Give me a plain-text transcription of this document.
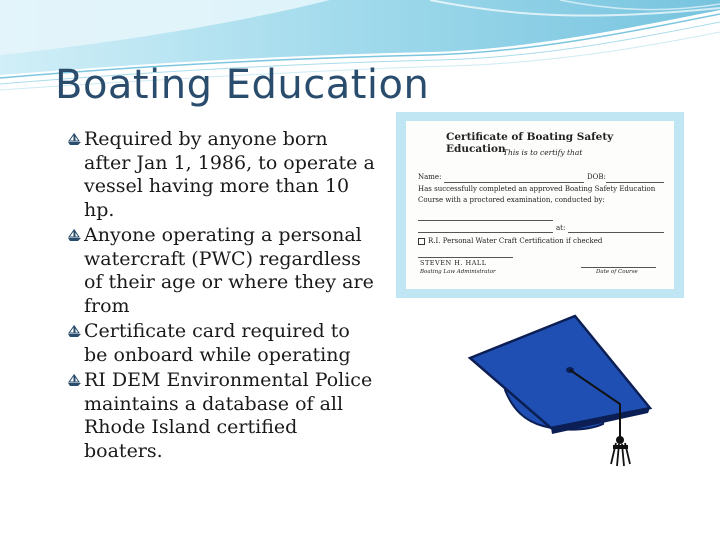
Boating Education
Required by anyone born after Jan 1, 1986, to operate a vessel having more than 10 hp.
Anyone operating a personal watercraft (PWC) regardless of their age or where they are from
Certificate card required to be onboard while operating
RI DEM Environmental Police maintains a database of all Rhode Island certified boaters.
Certificate of Boating Safety Education
This is to certify that
Name:	DOB:
Has successfully completed an approved Boating Safety Education
Course with a proctored examination, conducted by:
at:
R.I. Personal Water Craft Certification if checked
STEVEN H. HALL
Boating Law Administrator	Date of Course
